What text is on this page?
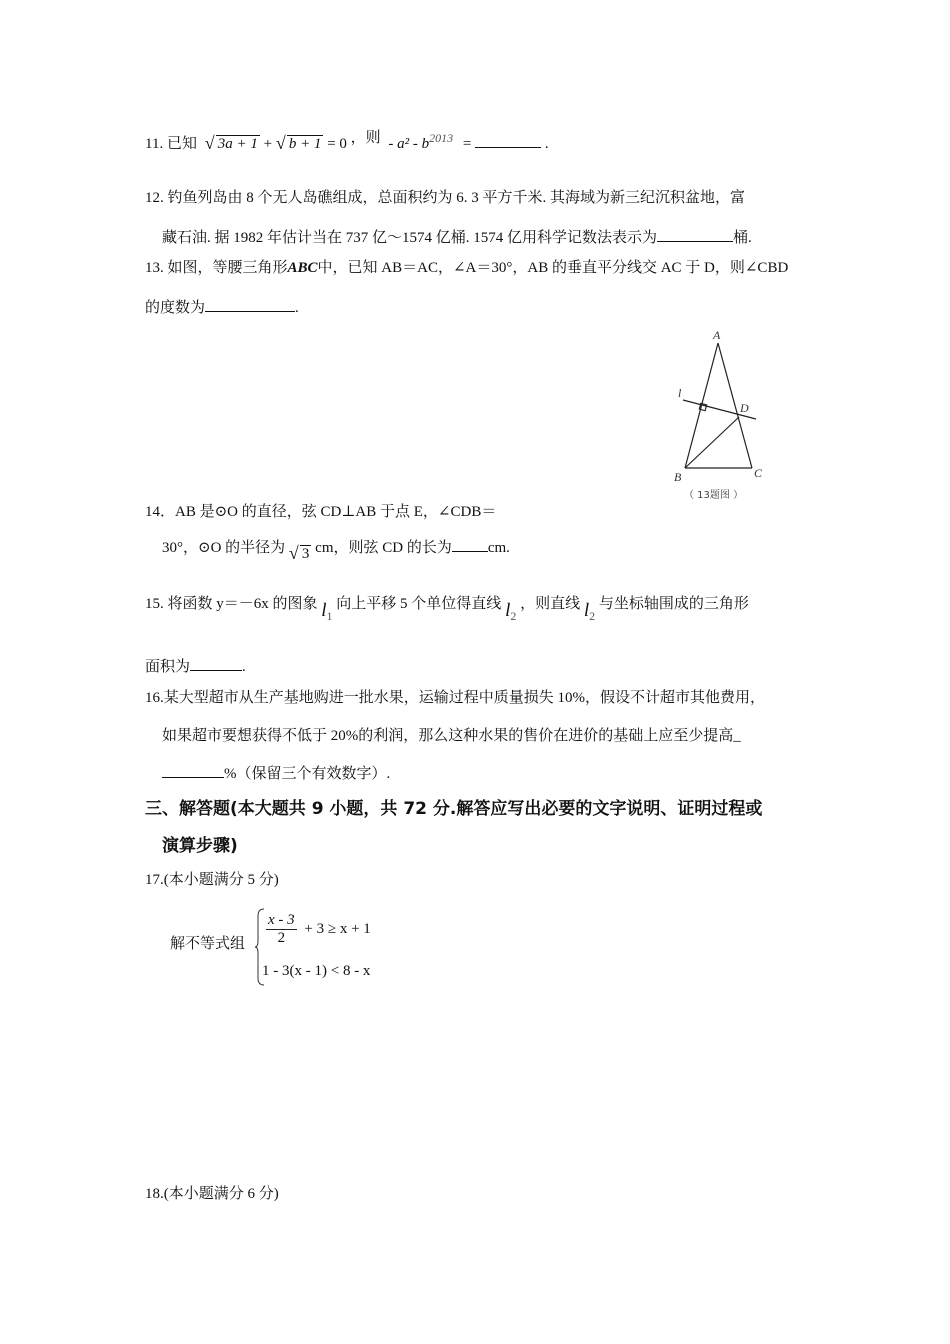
11. 已知 √ 3a + 1 + √ b + 1 = 0 ，则 - $a^2 - b^{2013}$ =	.
12. 钓鱼列岛由 8 个无人岛礁组成，总面积约为 6. 3 平方千米. 其海域为新三纪沉积盆地，富
藏石油. 据 1982 年估计当在 737 亿～1574 亿桶. 1574 亿用科学记数法表示为	桶.
13. 如图，等腰三角形ABC中，已知 AB＝AC，∠A＝30°，AB 的垂直平分线交 AC 于 D，则∠CBD
的度数为	.
A
l
D
B	C
（ 13题图 ）
14．AB 是⊙O 的直径，弦 CD⊥AB 于点 E，∠CDB＝
30°，⊙O 的半径为 √ 3 cm，则弦 CD 的长为 cm.
15. 将函数 y＝－6x 的图象 $l_1$ 向上平移 5 个单位得直线 $l_2$ ，则直线 $l_2$ 与坐标轴围成的三角形
面积为	.
16.某大型超市从生产基地购进一批水果，运输过程中质量损失 10%，假设不计超市其他费用，
如果超市要想获得不低于 20%的利润，那么这种水果的售价在进价的基础上应至少提高_
%（保留三个有效数字）.
三、解答题(本大题共 9 小题，共 72 分.解答应写出必要的文字说明、证明过程或
演算步骤)
17.(本小题满分 5 分)
解不等式组 $\frac{x - 3}{2} + 3 \ge x + 1$
1 - 3(x - 1) < 8 - x
18.(本小题满分 6 分)
